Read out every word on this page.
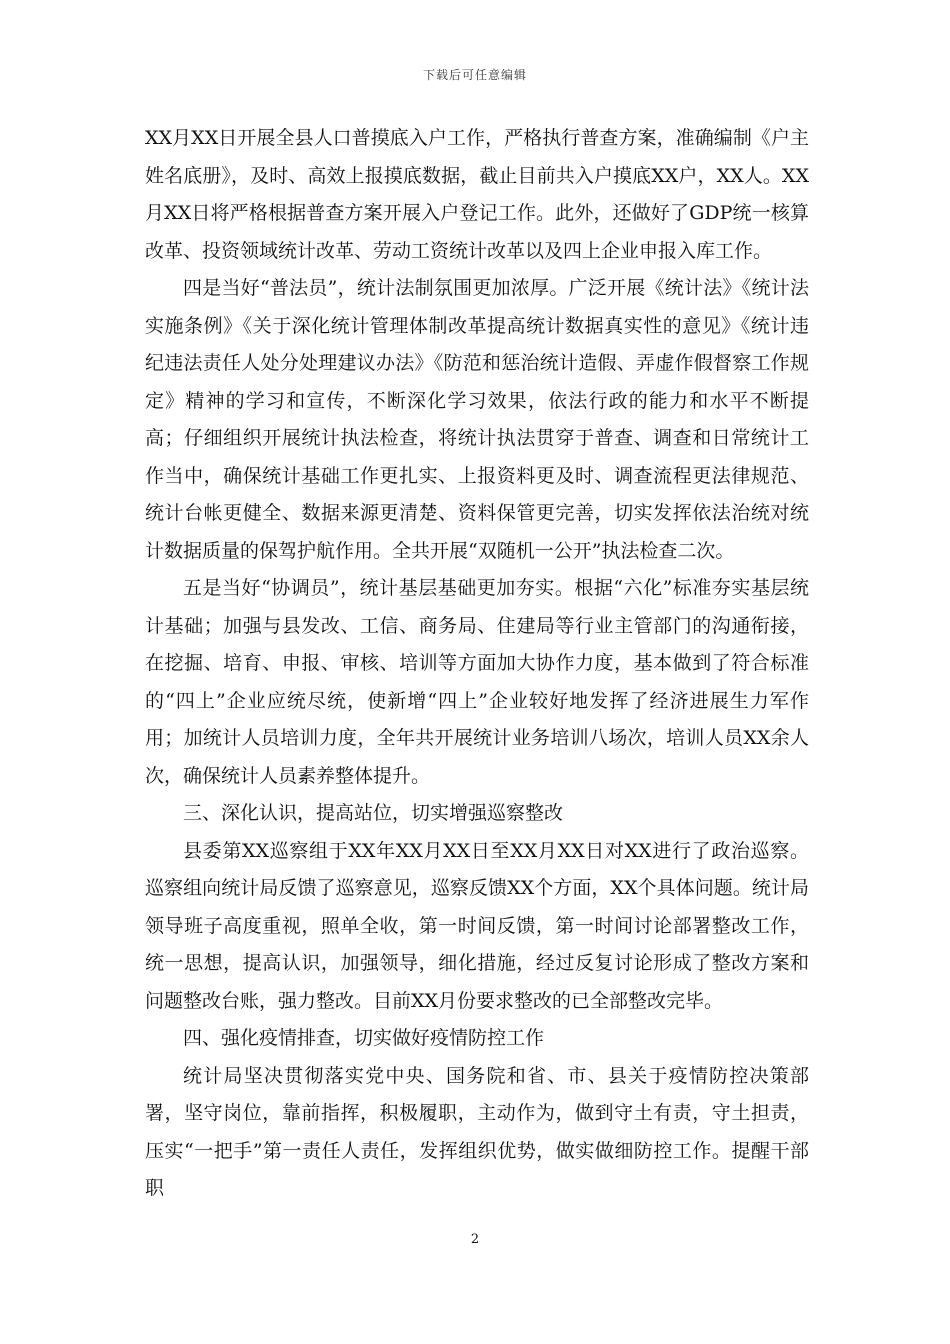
下载后可任意编辑

XX月XX日开展全县人口普摸底入户工作，严格执行普查方案，准确编制《户主姓名底册》，及时、高效上报摸底数据，截止目前共入户摸底XX户，XX人。XX月XX日将严格根据普查方案开展入户登记工作。此外，还做好了GDP统一核算改革、投资领域统计改革、劳动工资统计改革以及四上企业申报入库工作。

四是当好“普法员”，统计法制氛围更加浓厚。广泛开展《统计法》《统计法实施条例》《关于深化统计管理体制改革提高统计数据真实性的意见》《统计违纪违法责任人处分处理建议办法》《防范和惩治统计造假、弄虚作假督察工作规定》精神的学习和宣传，不断深化学习效果，依法行政的能力和水平不断提高；仔细组织开展统计执法检查，将统计执法贯穿于普查、调查和日常统计工作当中，确保统计基础工作更扎实、上报资料更及时、调查流程更法律规范、统计台帐更健全、数据来源更清楚、资料保管更完善，切实发挥依法治统对统计数据质量的保驾护航作用。全共开展“双随机一公开”执法检查二次。

五是当好“协调员”，统计基层基础更加夯实。根据“六化”标准夯实基层统计基础；加强与县发改、工信、商务局、住建局等行业主管部门的沟通衔接，在挖掘、培育、申报、审核、培训等方面加大协作力度，基本做到了符合标准的“四上”企业应统尽统，使新增“四上”企业较好地发挥了经济进展生力军作用；加统计人员培训力度，全年共开展统计业务培训八场次，培训人员XX余人次，确保统计人员素养整体提升。

三、深化认识，提高站位，切实增强巡察整改

县委第XX巡察组于XX年XX月XX日至XX月XX日对XX进行了政治巡察。巡察组向统计局反馈了巡察意见，巡察反馈XX个方面，XX个具体问题。统计局领导班子高度重视，照单全收，第一时间反馈，第一时间讨论部署整改工作，统一思想，提高认识，加强领导，细化措施，经过反复讨论形成了整改方案和问题整改台账，强力整改。目前XX月份要求整改的已全部整改完毕。

四、强化疫情排查，切实做好疫情防控工作

统计局坚决贯彻落实党中央、国务院和省、市、县关于疫情防控决策部署，坚守岗位，靠前指挥，积极履职，主动作为，做到守土有责，守土担责，压实“一把手”第一责任人责任，发挥组织优势，做实做细防控工作。提醒干部职

2
